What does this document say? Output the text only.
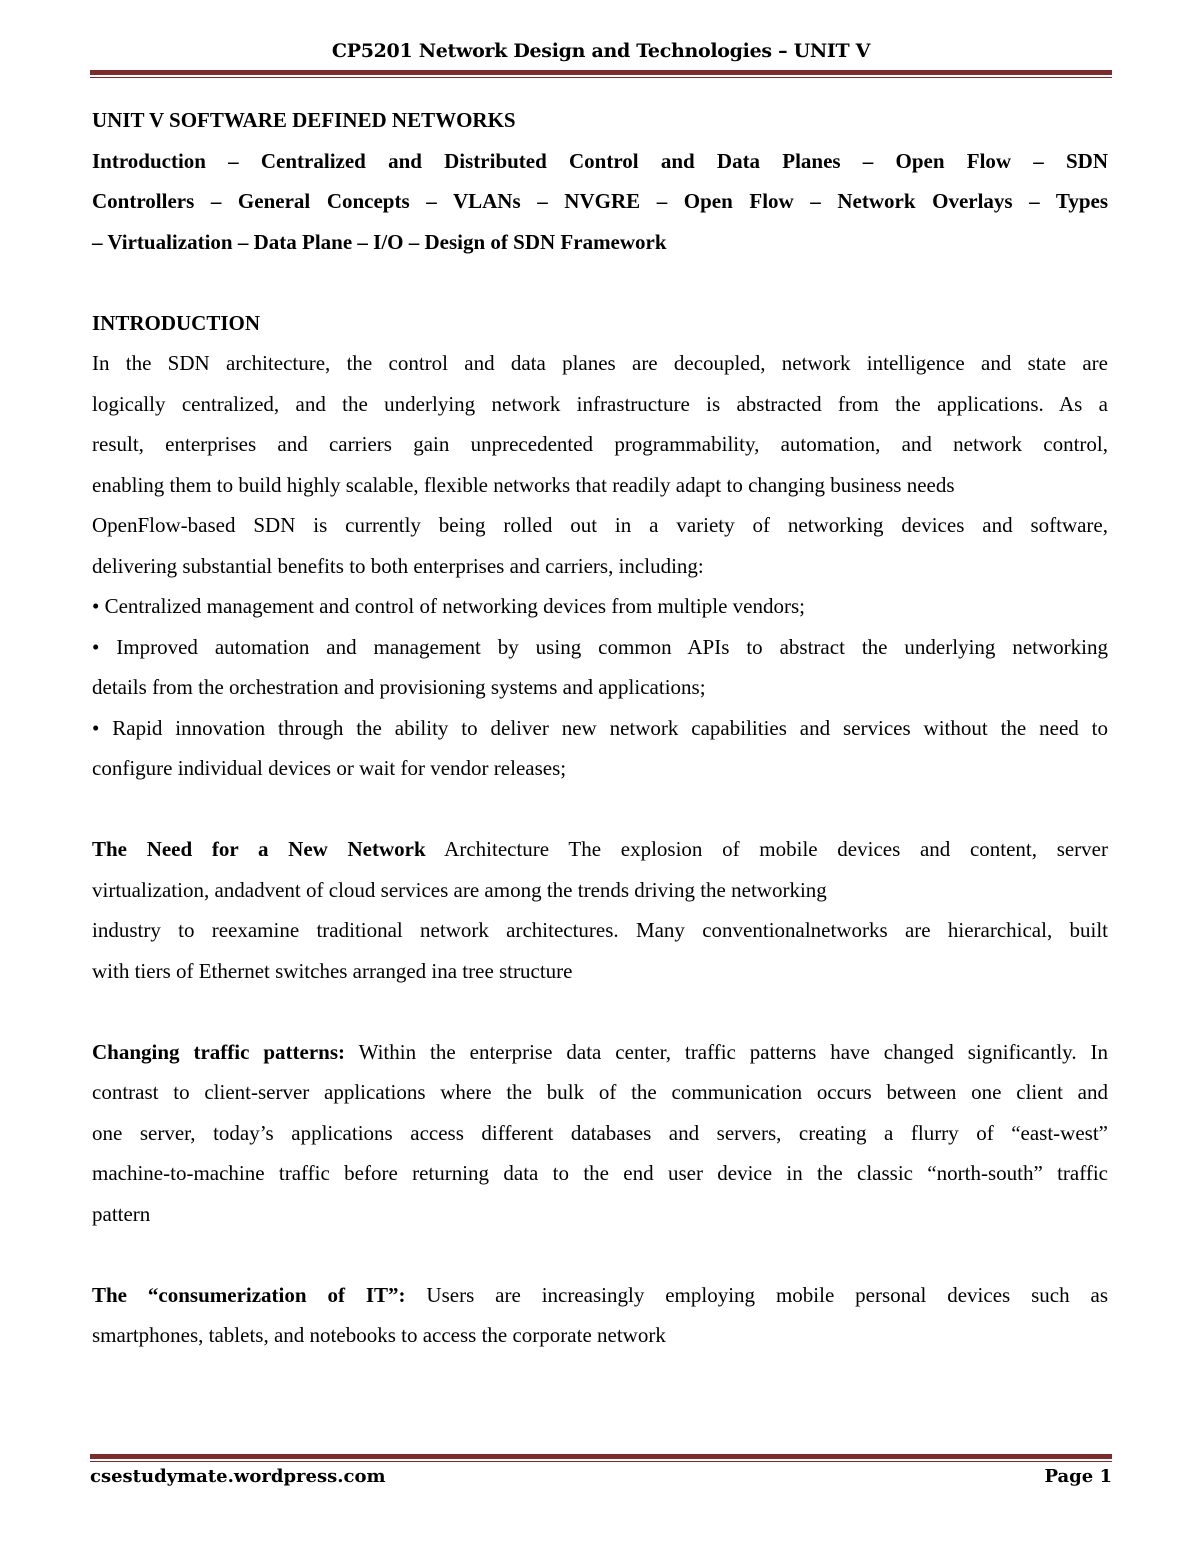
CP5201 Network Design and Technologies – UNIT V

UNIT V SOFTWARE DEFINED NETWORKS

Introduction – Centralized and Distributed Control and Data Planes – Open Flow – SDN

Controllers – General Concepts – VLANs – NVGRE – Open Flow – Network Overlays – Types

– Virtualization – Data Plane – I/O – Design of SDN Framework

INTRODUCTION

In the SDN architecture, the control and data planes are decoupled, network intelligence and state are

logically centralized, and the underlying network infrastructure is abstracted from the applications. As a

result, enterprises and carriers gain unprecedented programmability, automation, and network control,

enabling them to build highly scalable, flexible networks that readily adapt to changing business needs

OpenFlow-based SDN is currently being rolled out in a variety of networking devices and software,

delivering substantial benefits to both enterprises and carriers, including:

• Centralized management and control of networking devices from multiple vendors;

• Improved automation and management by using common APIs to abstract the underlying networking

details from the orchestration and provisioning systems and applications;

• Rapid innovation through the ability to deliver new network capabilities and services without the need to

configure individual devices or wait for vendor releases;

The Need for a New Network Architecture The explosion of mobile devices and content, server

virtualization, andadvent of cloud services are among the trends driving the networking

industry to reexamine traditional network architectures. Many conventionalnetworks are hierarchical, built

with tiers of Ethernet switches arranged ina tree structure

Changing traffic patterns: Within the enterprise data center, traffic patterns have changed significantly. In

contrast to client-server applications where the bulk of the communication occurs between one client and

one server, today’s applications access different databases and servers, creating a flurry of “east-west”

machine-to-machine traffic before returning data to the end user device in the classic “north-south” traffic

pattern

The “consumerization of IT”: Users are increasingly employing mobile personal devices such as

smartphones, tablets, and notebooks to access the corporate network

csestudymate.wordpress.com	Page 1
